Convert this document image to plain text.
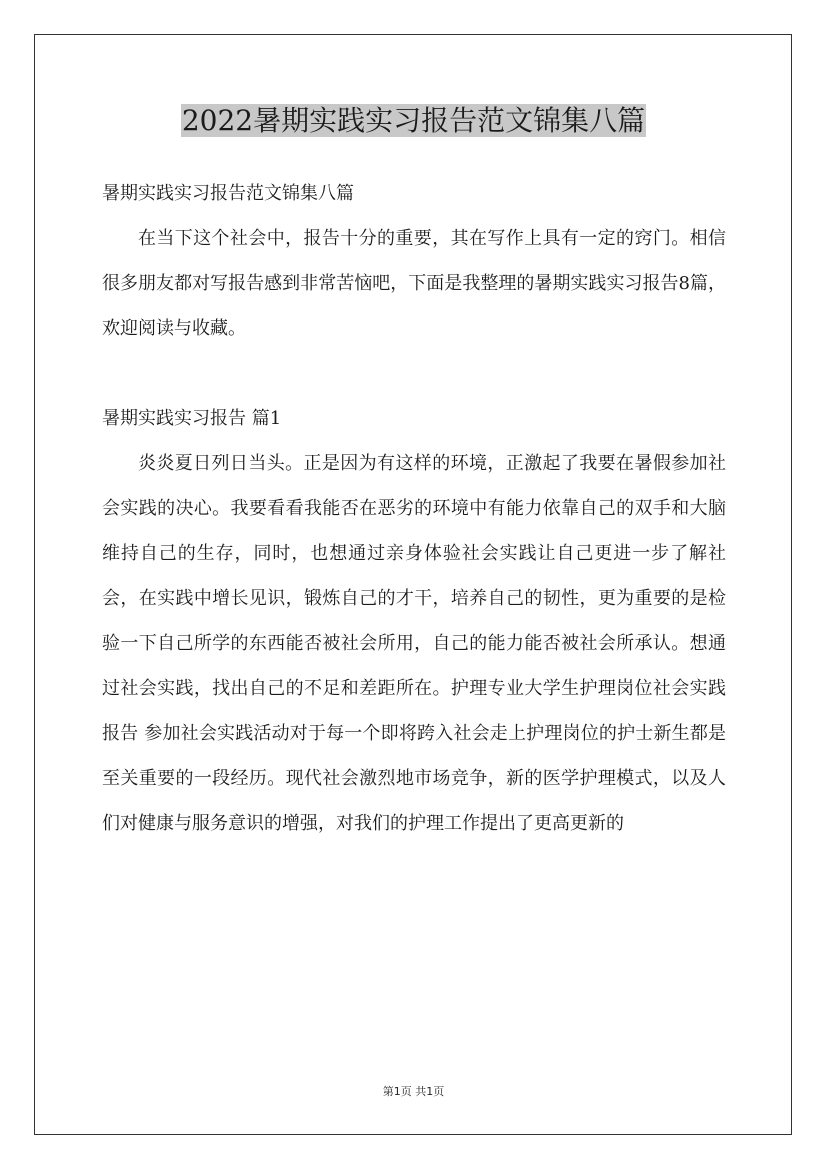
2022暑期实践实习报告范文锦集八篇

暑期实践实习报告范文锦集八篇

在当下这个社会中，报告十分的重要，其在写作上具有一定的窍门。相信很多朋友都对写报告感到非常苦恼吧，下面是我整理的暑期实践实习报告8篇，欢迎阅读与收藏。

暑期实践实习报告 篇1

炎炎夏日列日当头。正是因为有这样的环境，正激起了我要在暑假参加社会实践的决心。我要看看我能否在恶劣的环境中有能力依靠自己的双手和大脑维持自己的生存，同时，也想通过亲身体验社会实践让自己更进一步了解社会，在实践中增长见识，锻炼自己的才干，培养自己的韧性，更为重要的是检验一下自己所学的东西能否被社会所用，自己的能力能否被社会所承认。想通过社会实践，找出自己的不足和差距所在。护理专业大学生护理岗位社会实践报告 参加社会实践活动对于每一个即将跨入社会走上护理岗位的护士新生都是至关重要的一段经历。现代社会激烈地市场竞争，新的医学护理模式，以及人们对健康与服务意识的增强，对我们的护理工作提出了更高更新的

第1页 共1页
